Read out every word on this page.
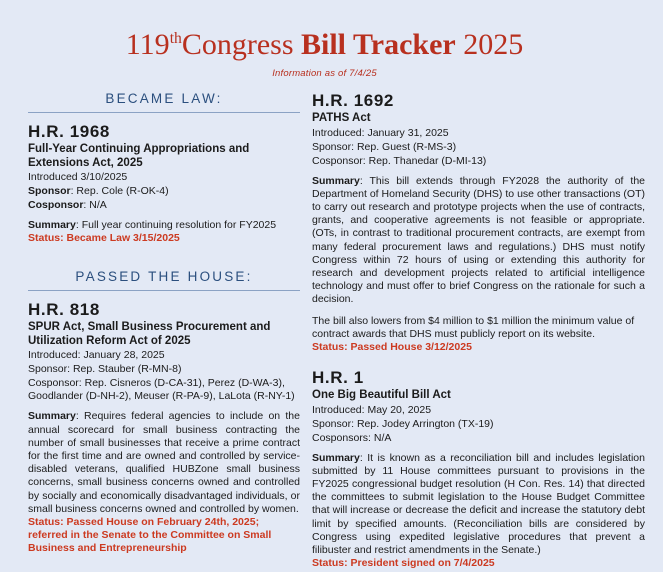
119thCongress Bill Tracker 2025
Information as of 7/4/25
BECAME LAW:
H.R. 1968
Full-Year Continuing Appropriations and Extensions Act, 2025
Introduced 3/10/2025
Sponsor: Rep. Cole (R-OK-4)
Cosponsor: N/A
Summary: Full year continuing resolution for FY2025
Status: Became Law 3/15/2025
PASSED THE HOUSE:
H.R. 818
SPUR Act, Small Business Procurement and Utilization Reform Act of 2025
Introduced: January 28, 2025
Sponsor: Rep. Stauber (R-MN-8)
Cosponsor: Rep. Cisneros (D-CA-31), Perez (D-WA-3), Goodlander (D-NH-2), Meuser (R-PA-9), LaLota (R-NY-1)
Summary: Requires federal agencies to include on the annual scorecard for small business contracting the number of small businesses that receive a prime contract for the first time and are owned and controlled by service-disabled veterans, qualified HUBZone small business concerns, small business concerns owned and controlled by socially and economically disadvantaged individuals, or small business concerns owned and controlled by women.
Status: Passed House on February 24th, 2025; referred in the Senate to the Committee on Small Business and Entrepreneurship
H.R. 1692
PATHS Act
Introduced: January 31, 2025
Sponsor: Rep. Guest (R-MS-3)
Cosponsor: Rep. Thanedar (D-MI-13)
Summary: This bill extends through FY2028 the authority of the Department of Homeland Security (DHS) to use other transactions (OT) to carry out research and prototype projects when the use of contracts, grants, and cooperative agreements is not feasible or appropriate. (OTs, in contrast to traditional procurement contracts, are exempt from many federal procurement laws and regulations.) DHS must notify Congress within 72 hours of using or extending this authority for research and development projects related to artificial intelligence technology and must offer to brief Congress on the rationale for such a decision.
The bill also lowers from $4 million to $1 million the minimum value of contract awards that DHS must publicly report on its website.
Status: Passed House 3/12/2025
H.R. 1
One Big Beautiful Bill Act
Introduced: May 20, 2025
Sponsor: Rep. Jodey Arrington (TX-19)
Cosponsors: N/A
Summary: It is known as a reconciliation bill and includes legislation submitted by 11 House committees pursuant to provisions in the FY2025 congressional budget resolution (H Con. Res. 14) that directed the committees to submit legislation to the House Budget Committee that will increase or decrease the deficit and increase the statutory debt limit by specified amounts. (Reconciliation bills are considered by Congress using expedited legislative procedures that prevent a filibuster and restrict amendments in the Senate.)
Status: President signed on 7/4/2025
